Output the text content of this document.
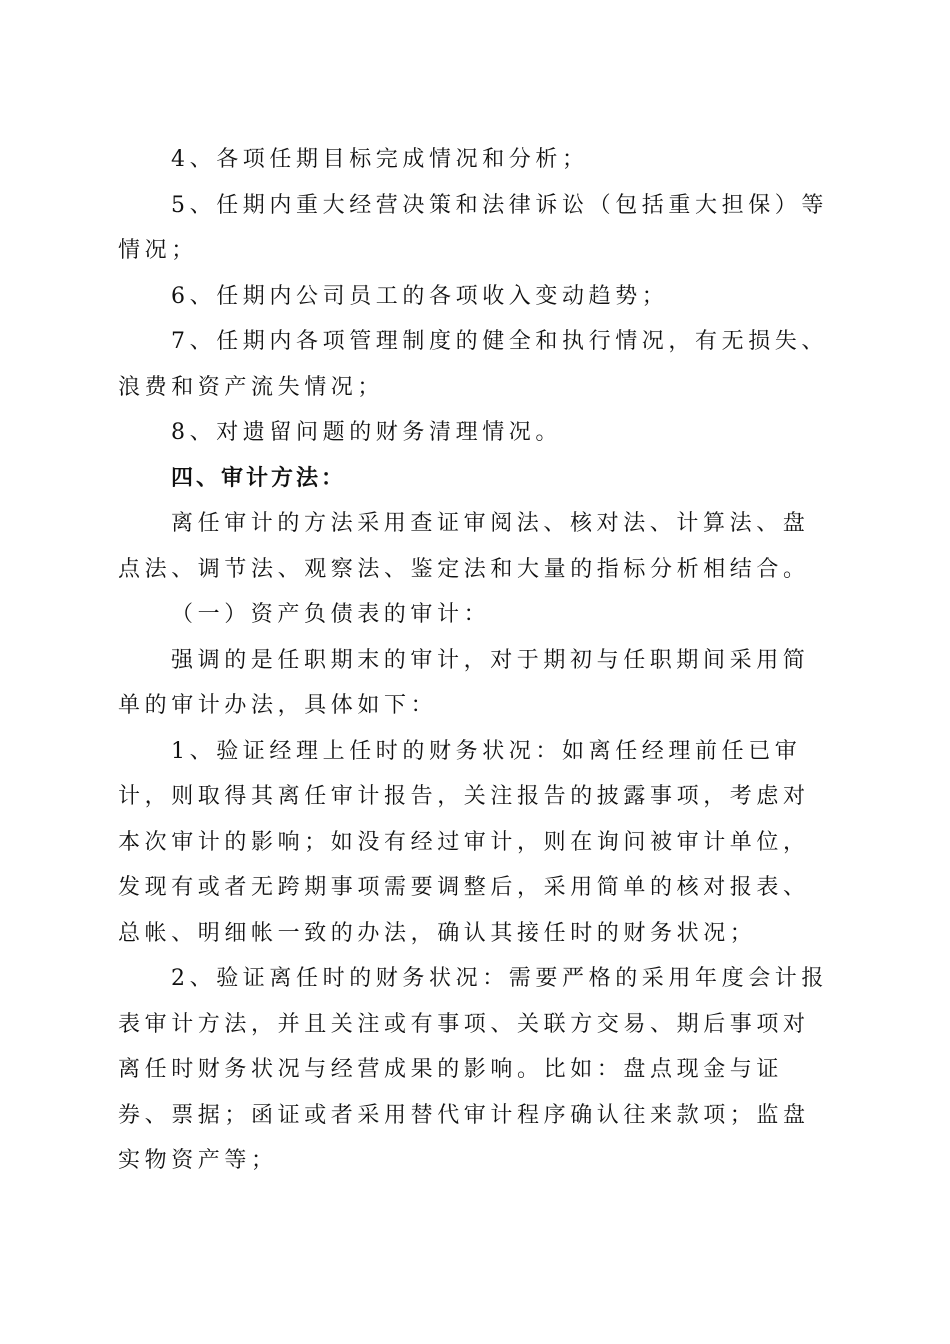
4、各项任期目标完成情况和分析；

5、任期内重大经营决策和法律诉讼（包括重大担保）等情况；

6、任期内公司员工的各项收入变动趋势；

7、任期内各项管理制度的健全和执行情况，有无损失、浪费和资产流失情况；

8、对遗留问题的财务清理情况。

四、审计方法：

离任审计的方法采用查证审阅法、核对法、计算法、盘点法、调节法、观察法、鉴定法和大量的指标分析相结合。

（一）资产负债表的审计：

强调的是任职期末的审计，对于期初与任职期间采用简单的审计办法，具体如下：

1、验证经理上任时的财务状况：如离任经理前任已审计，则取得其离任审计报告，关注报告的披露事项，考虑对本次审计的影响；如没有经过审计，则在询问被审计单位，发现有或者无跨期事项需要调整后，采用简单的核对报表、总帐、明细帐一致的办法，确认其接任时的财务状况；

2、验证离任时的财务状况：需要严格的采用年度会计报表审计方法，并且关注或有事项、关联方交易、期后事项对离任时财务状况与经营成果的影响。比如：盘点现金与证券、票据；函证或者采用替代审计程序确认往来款项；监盘实物资产等；
